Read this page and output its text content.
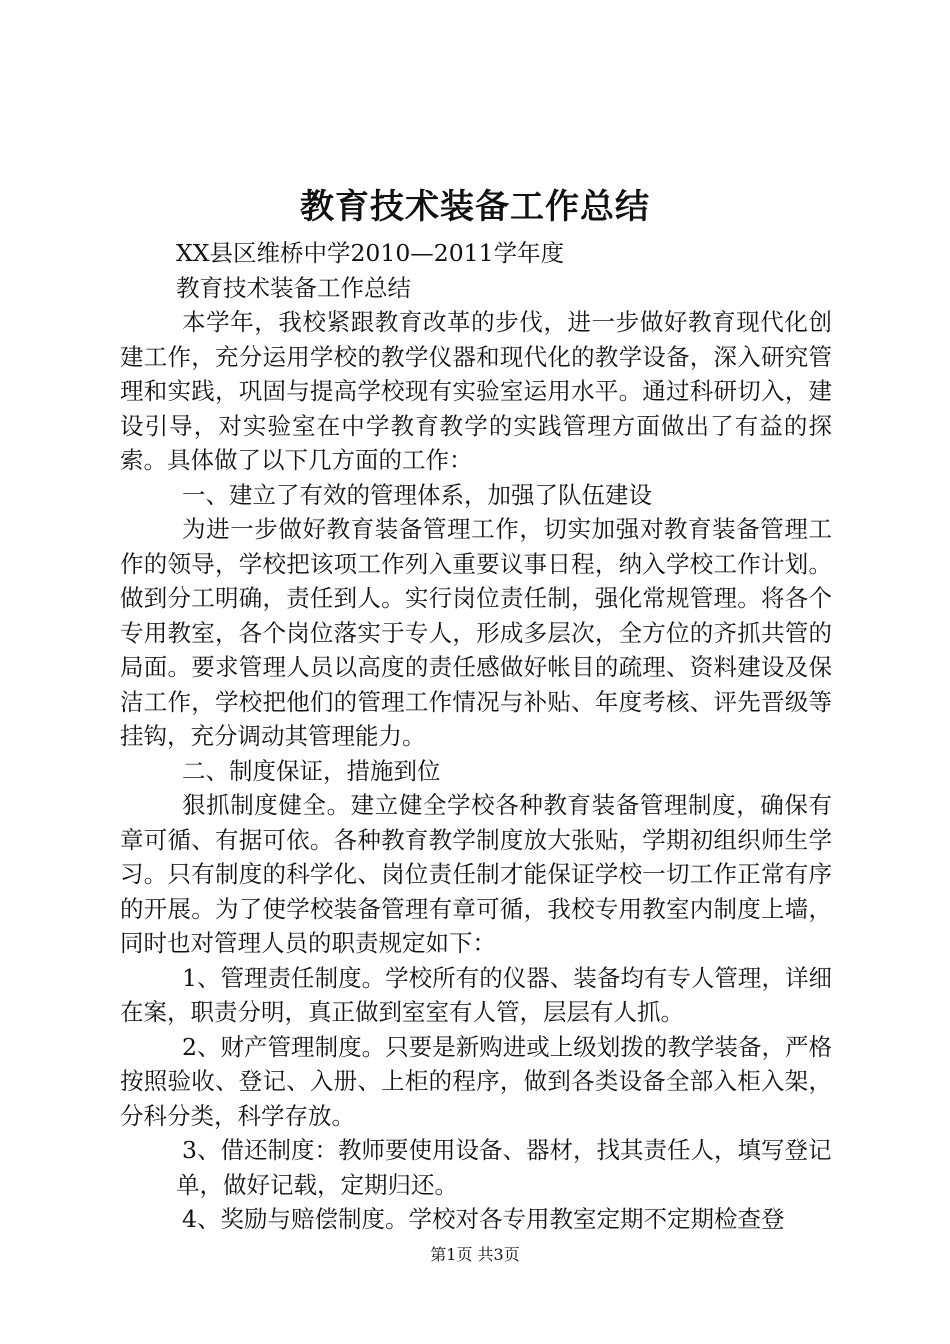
教育技术装备工作总结

XX县区维桥中学2010—2011学年度

教育技术装备工作总结

本学年，我校紧跟教育改革的步伐，进一步做好教育现代化创建工作，充分运用学校的教学仪器和现代化的教学设备，深入研究管理和实践，巩固与提高学校现有实验室运用水平。通过科研切入，建设引导，对实验室在中学教育教学的实践管理方面做出了有益的探索。具体做了以下几方面的工作：

一、建立了有效的管理体系，加强了队伍建设

为进一步做好教育装备管理工作，切实加强对教育装备管理工作的领导，学校把该项工作列入重要议事日程，纳入学校工作计划。做到分工明确，责任到人。实行岗位责任制，强化常规管理。将各个专用教室，各个岗位落实于专人，形成多层次，全方位的齐抓共管的局面。要求管理人员以高度的责任感做好帐目的疏理、资料建设及保洁工作，学校把他们的管理工作情况与补贴、年度考核、评先晋级等挂钩，充分调动其管理能力。

二、制度保证，措施到位

狠抓制度健全。建立健全学校各种教育装备管理制度，确保有章可循、有据可依。各种教育教学制度放大张贴，学期初组织师生学习。只有制度的科学化、岗位责任制才能保证学校一切工作正常有序的开展。为了使学校装备管理有章可循，我校专用教室内制度上墙，同时也对管理人员的职责规定如下：

1、管理责任制度。学校所有的仪器、装备均有专人管理，详细在案，职责分明，真正做到室室有人管，层层有人抓。

2、财产管理制度。只要是新购进或上级划拨的教学装备，严格按照验收、登记、入册、上柜的程序，做到各类设备全部入柜入架，分科分类，科学存放。

3、借还制度：教师要使用设备、器材，找其责任人，填写登记

单，做好记载，定期归还。

4、奖励与赔偿制度。学校对各专用教室定期不定期检查登

第1页 共3页
